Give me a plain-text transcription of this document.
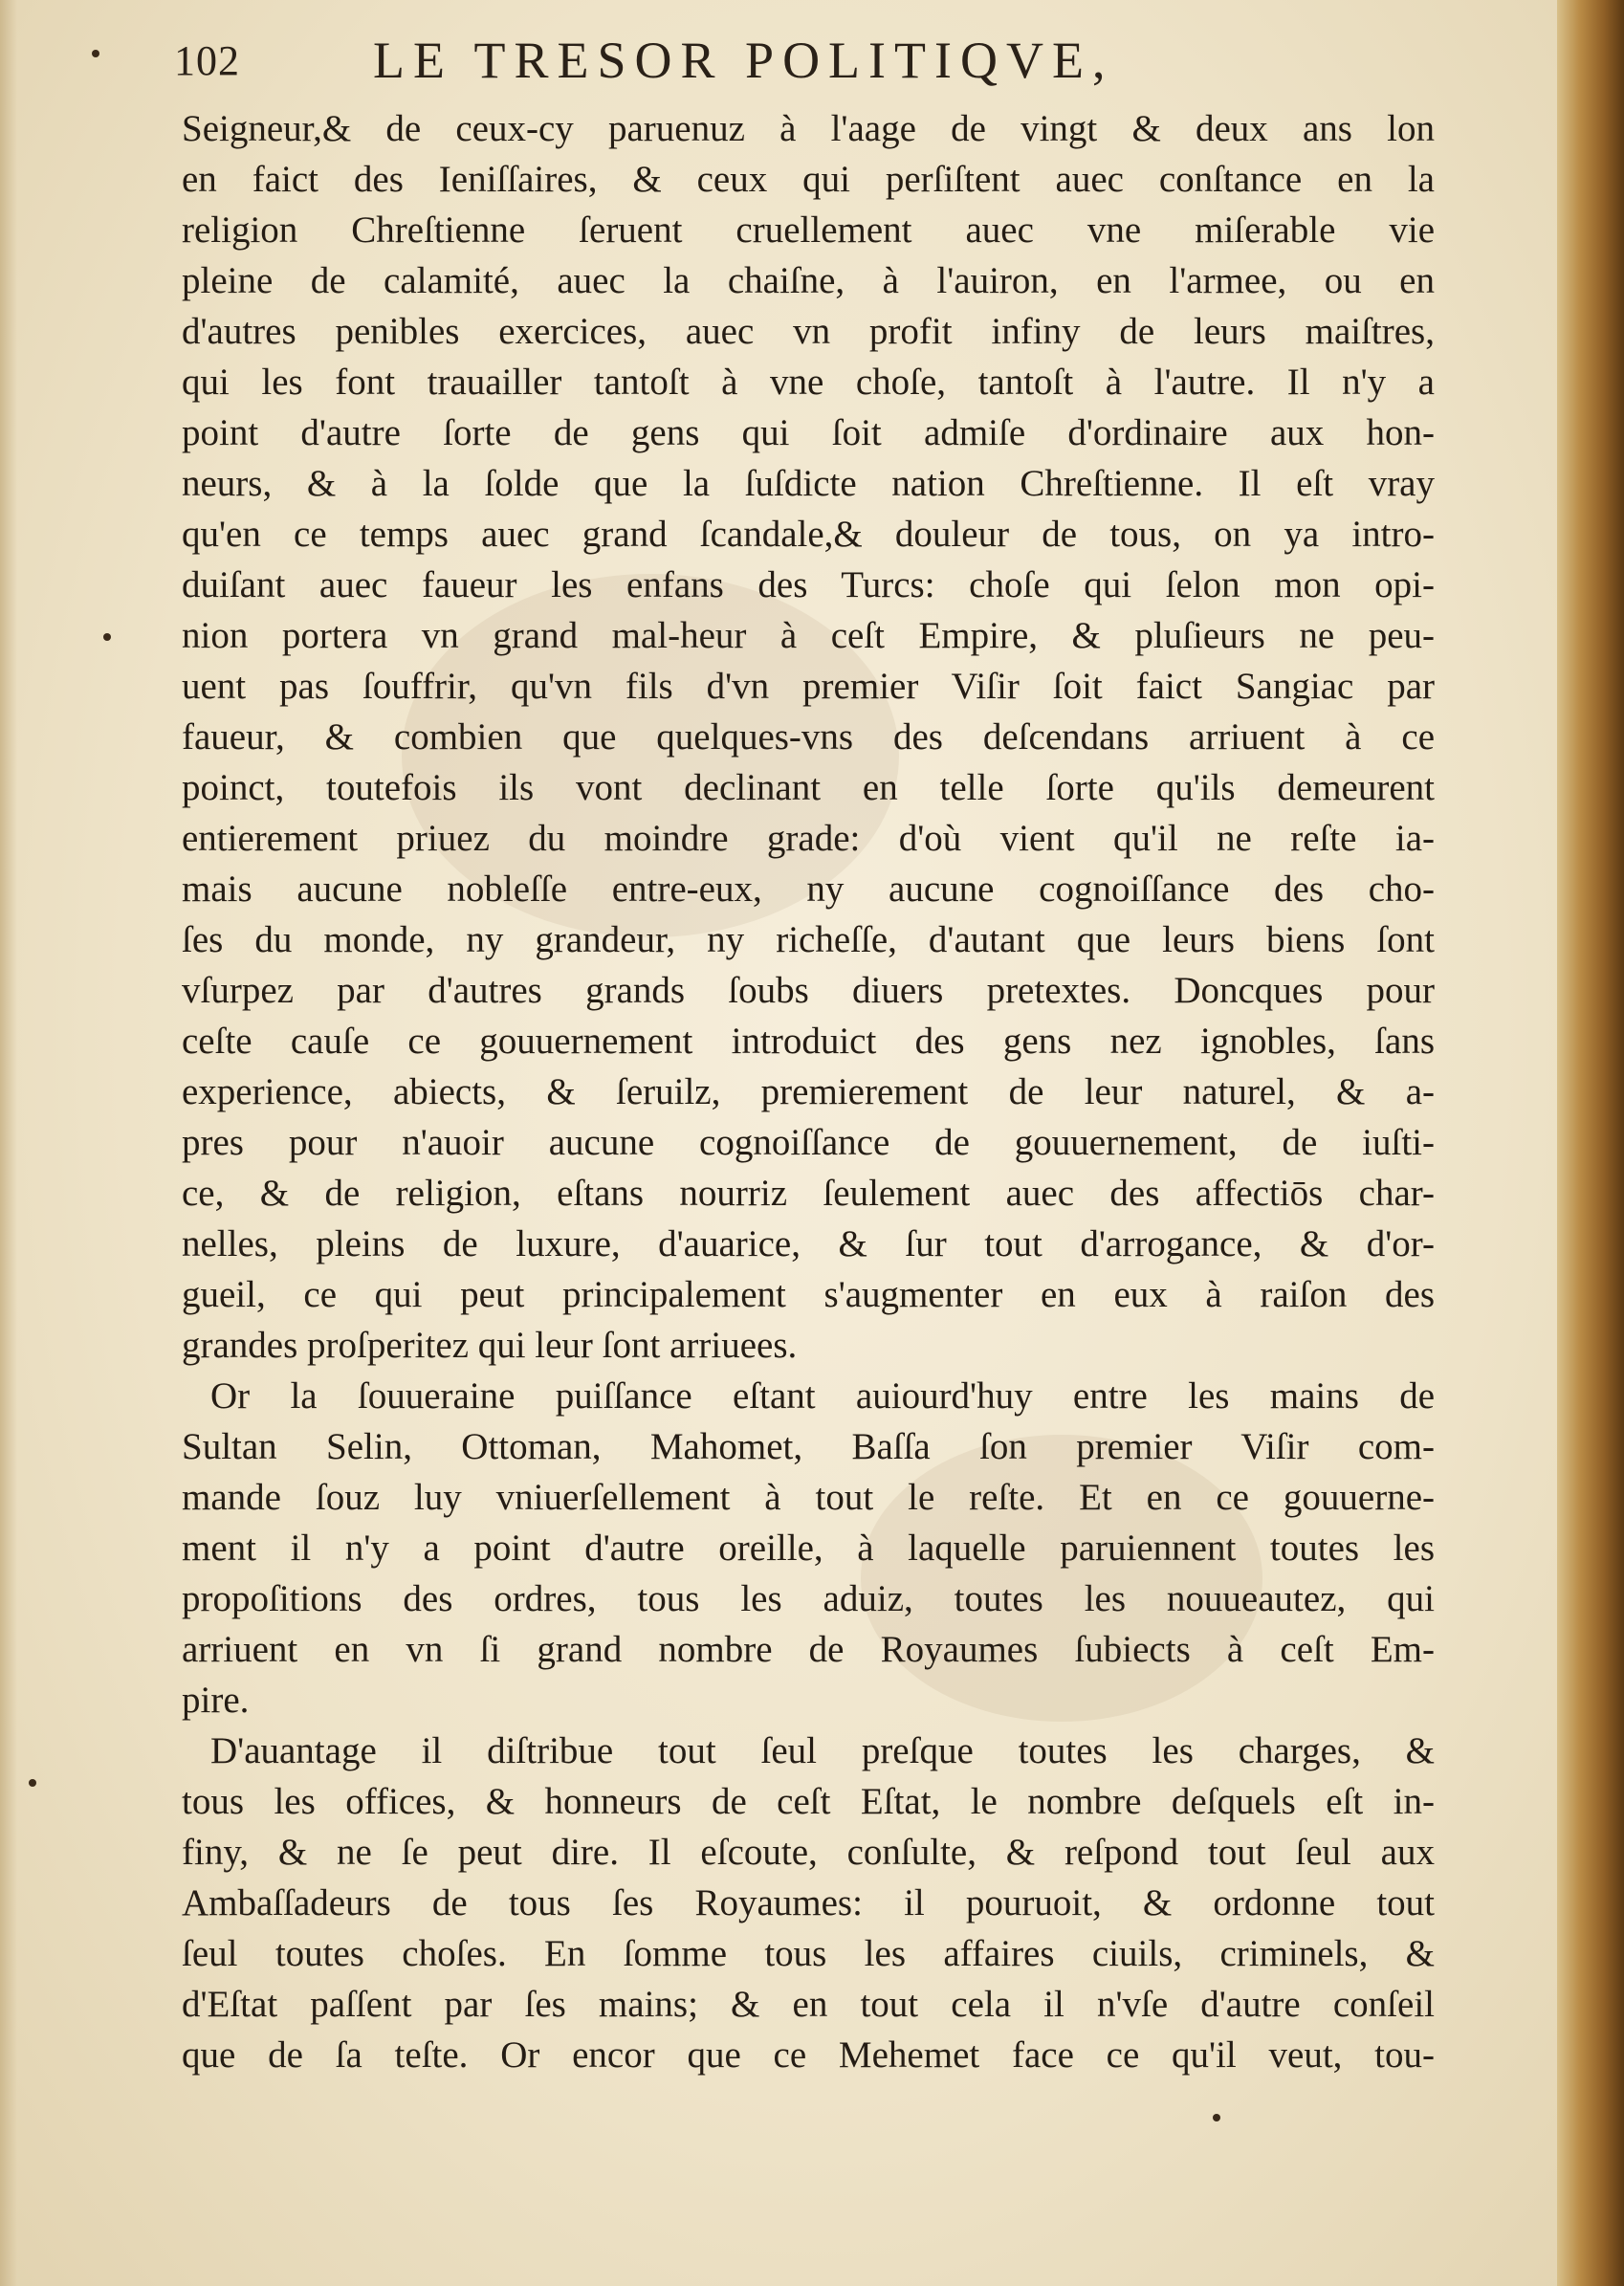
102	LE TRESOR POLITIQVE,
Seigneur,& de ceux-cy paruenuz à l'aage de vingt & deux ans lon
en faict des Ieniſſaires, & ceux qui perſiſtent auec conſtance en la
religion Chreſtienne ſeruent cruellement auec vne miſerable vie
pleine de calamité, auec la chaiſne, à l'auiron, en l'armee, ou en
d'autres penibles exercices, auec vn profit infiny de leurs maiſtres,
qui les font trauailler tantoſt à vne choſe, tantoſt à l'autre. Il n'y a
point d'autre ſorte de gens qui ſoit admiſe d'ordinaire aux hon-
neurs, & à la ſolde que la ſuſdicte nation Chreſtienne. Il eſt vray
qu'en ce temps auec grand ſcandale,& douleur de tous, on ya intro-
duiſant auec faueur les enfans des Turcs: choſe qui ſelon mon opi-
nion portera vn grand mal-heur à ceſt Empire, & pluſieurs ne peu-
uent pas ſouffrir, qu'vn fils d'vn premier Viſir ſoit faict Sangiac par
faueur, & combien que quelques-vns des deſcendans arriuent à ce
poinct, toutefois ils vont declinant en telle ſorte qu'ils demeurent
entierement priuez du moindre grade: d'où vient qu'il ne reſte ia-
mais aucune nobleſſe entre-eux, ny aucune cognoiſſance des cho-
ſes du monde, ny grandeur, ny richeſſe, d'autant que leurs biens ſont
vſurpez par d'autres grands ſoubs diuers pretextes. Doncques pour
ceſte cauſe ce gouuernement introduict des gens nez ignobles, ſans
experience, abiects, & ſeruilz, premierement de leur naturel, & a-
pres pour n'auoir aucune cognoiſſance de gouuernement, de iuſti-
ce, & de religion, eſtans nourriz ſeulement auec des affectiōs char-
nelles, pleins de luxure, d'auarice, & ſur tout d'arrogance, & d'or-
gueil, ce qui peut principalement s'augmenter en eux à raiſon des
grandes proſperitez qui leur ſont arriuees.
Or la ſouueraine puiſſance eſtant auiourd'huy entre les mains de
Sultan Selin, Ottoman, Mahomet, Baſſa ſon premier Viſir com-
mande ſouz luy vniuerſellement à tout le reſte. Et en ce gouuerne-
ment il n'y a point d'autre oreille, à laquelle paruiennent toutes les
propoſitions des ordres, tous les aduiz, toutes les nouueautez, qui
arriuent en vn ſi grand nombre de Royaumes ſubiects à ceſt Em-
pire.
D'auantage il diſtribue tout ſeul preſque toutes les charges, &
tous les offices, & honneurs de ceſt Eſtat, le nombre deſquels eſt in-
finy, & ne ſe peut dire. Il eſcoute, conſulte, & reſpond tout ſeul aux
Ambaſſadeurs de tous ſes Royaumes: il pouruoit, & ordonne tout
ſeul toutes choſes. En ſomme tous les affaires ciuils, criminels, &
d'Eſtat paſſent par ſes mains; & en tout cela il n'vſe d'autre conſeil
que de ſa teſte. Or encor que ce Mehemet face ce qu'il veut, tou-
